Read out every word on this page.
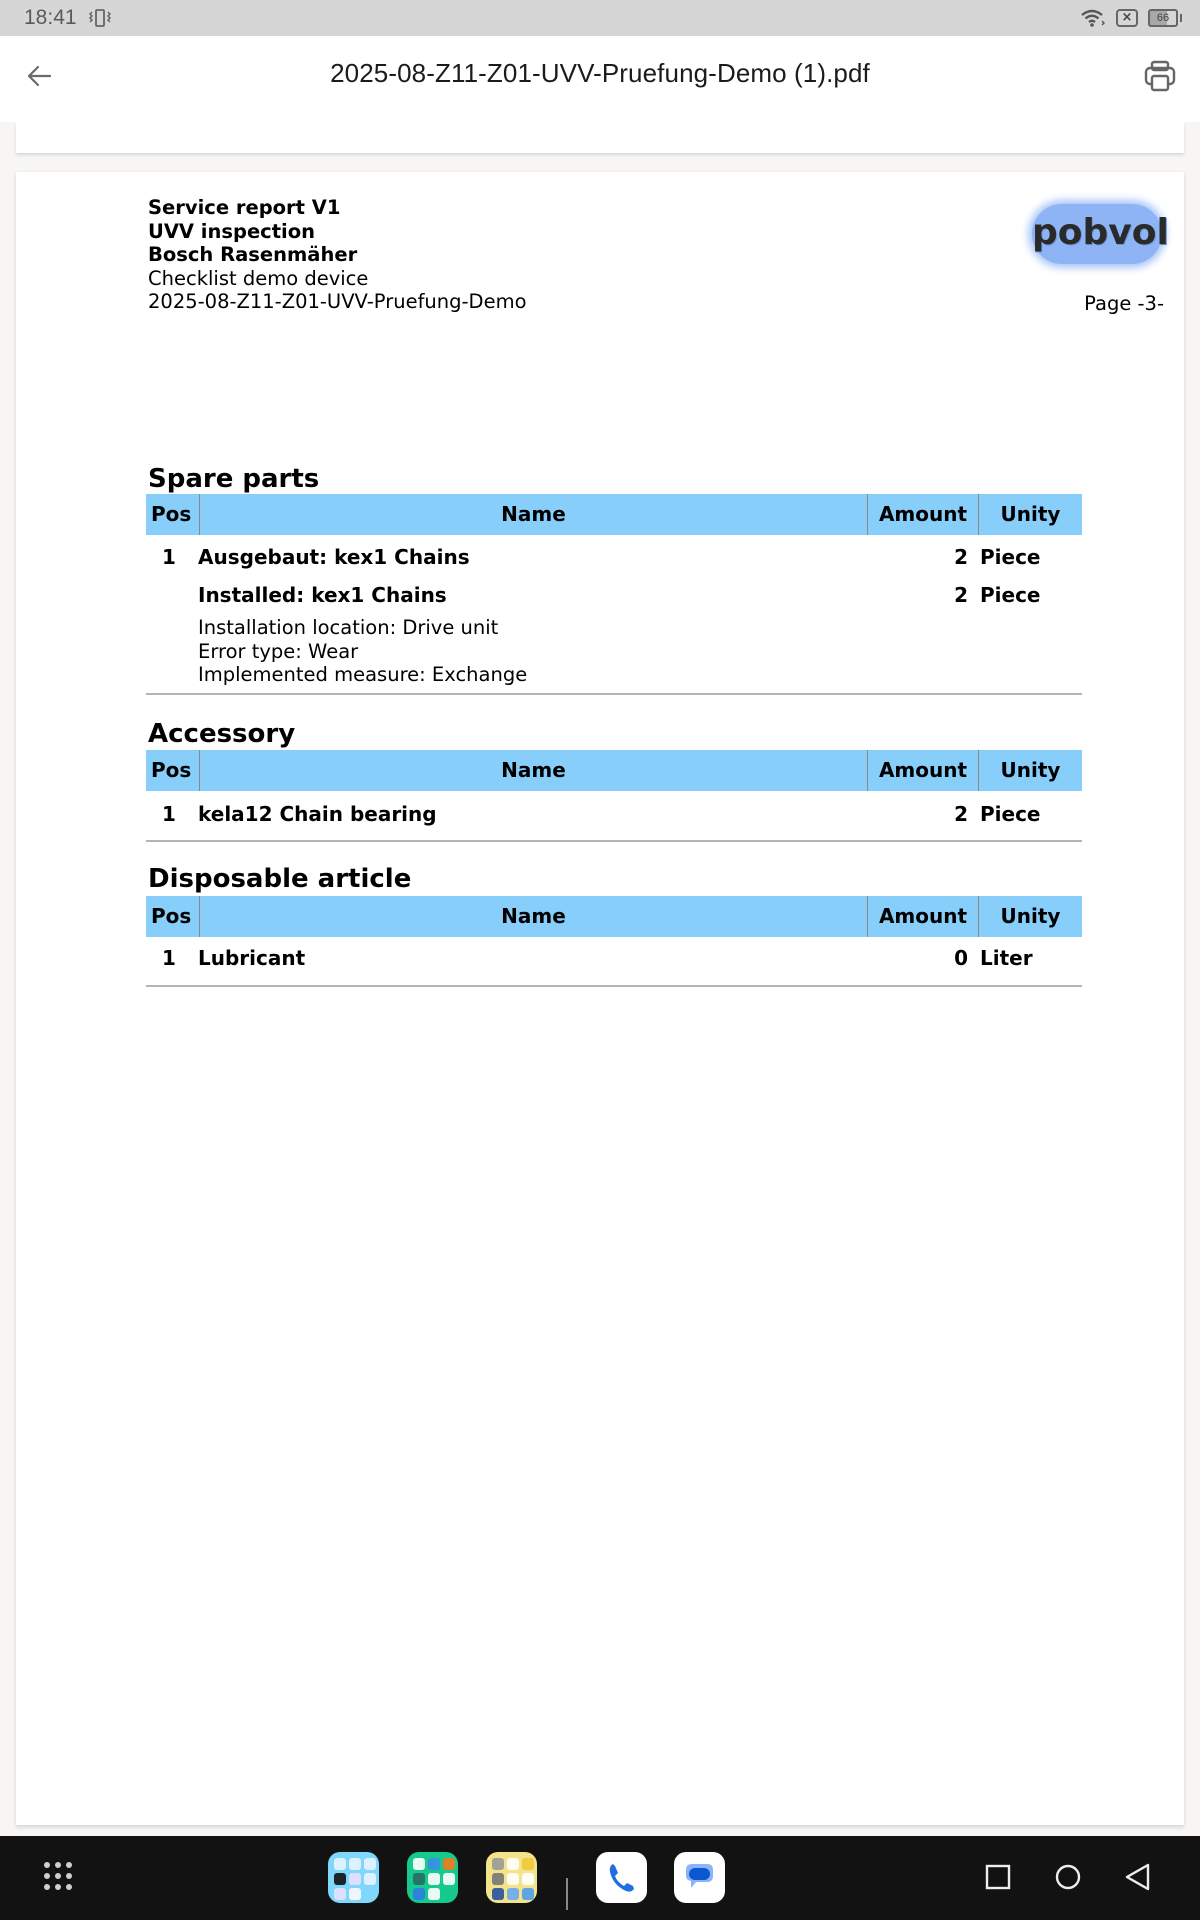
18:41	×	66
2025-08-Z11-Z01-UVV-Pruefung-Demo (1).pdf
Service report V1
UVV inspection
Bosch Rasenmäher
Checklist demo device
2025-08-Z11-Z01-UVV-Pruefung-Demo
pobvol
Page -3-
Spare parts
Pos	Name	Amount	Unity
1 Ausgebaut: kex1 Chains	2 Piece
Installed: kex1 Chains	2 Piece
Installation location: Drive unit
Error type: Wear
Implemented measure: Exchange
Accessory
Pos	Name	Amount	Unity
1 kela12 Chain bearing	2 Piece
Disposable article
Pos	Name	Amount	Unity
1 Lubricant	0 Liter
